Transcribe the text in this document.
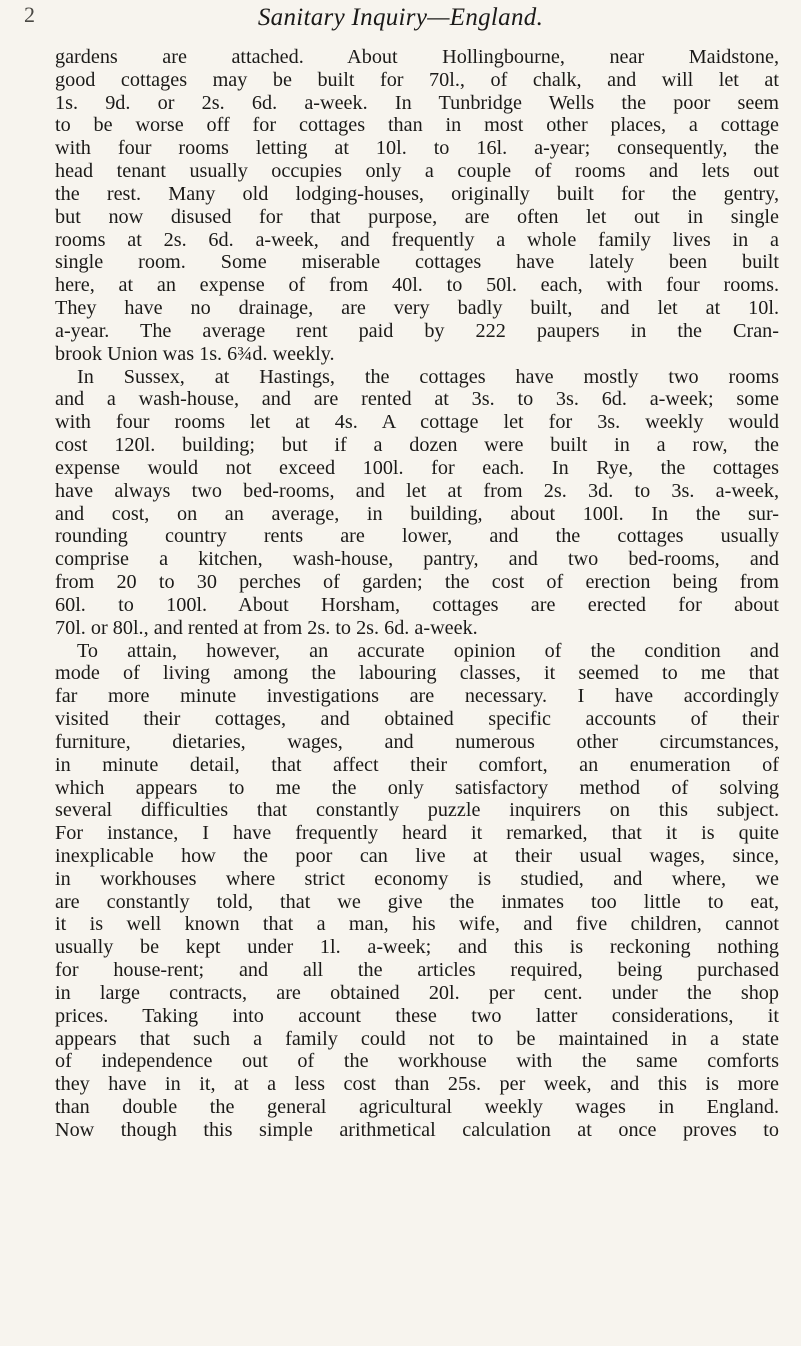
2	Sanitary Inquiry—England.
gardens are attached. About Hollingbourne, near Maidstone,
good cottages may be built for 70l., of chalk, and will let at
1s. 9d. or 2s. 6d. a-week. In Tunbridge Wells the poor seem
to be worse off for cottages than in most other places, a cottage
with four rooms letting at 10l. to 16l. a-year; consequently, the
head tenant usually occupies only a couple of rooms and lets out
the rest. Many old lodging-houses, originally built for the gentry,
but now disused for that purpose, are often let out in single
rooms at 2s. 6d. a-week, and frequently a whole family lives in a
single room. Some miserable cottages have lately been built
here, at an expense of from 40l. to 50l. each, with four rooms.
They have no drainage, are very badly built, and let at 10l.
a-year. The average rent paid by 222 paupers in the Cran-
brook Union was 1s. 6¾d. weekly.
In Sussex, at Hastings, the cottages have mostly two rooms
and a wash-house, and are rented at 3s. to 3s. 6d. a-week; some
with four rooms let at 4s. A cottage let for 3s. weekly would
cost 120l. building; but if a dozen were built in a row, the
expense would not exceed 100l. for each. In Rye, the cottages
have always two bed-rooms, and let at from 2s. 3d. to 3s. a-week,
and cost, on an average, in building, about 100l. In the sur-
rounding country rents are lower, and the cottages usually
comprise a kitchen, wash-house, pantry, and two bed-rooms, and
from 20 to 30 perches of garden; the cost of erection being from
60l. to 100l. About Horsham, cottages are erected for about
70l. or 80l., and rented at from 2s. to 2s. 6d. a-week.
To attain, however, an accurate opinion of the condition and
mode of living among the labouring classes, it seemed to me that
far more minute investigations are necessary. I have accordingly
visited their cottages, and obtained specific accounts of their
furniture, dietaries, wages, and numerous other circumstances,
in minute detail, that affect their comfort, an enumeration of
which appears to me the only satisfactory method of solving
several difficulties that constantly puzzle inquirers on this subject.
For instance, I have frequently heard it remarked, that it is quite
inexplicable how the poor can live at their usual wages, since,
in workhouses where strict economy is studied, and where, we
are constantly told, that we give the inmates too little to eat,
it is well known that a man, his wife, and five children, cannot
usually be kept under 1l. a-week; and this is reckoning nothing
for house-rent; and all the articles required, being purchased
in large contracts, are obtained 20l. per cent. under the shop
prices. Taking into account these two latter considerations, it
appears that such a family could not to be maintained in a state
of independence out of the workhouse with the same comforts
they have in it, at a less cost than 25s. per week, and this is more
than double the general agricultural weekly wages in England.
Now though this simple arithmetical calculation at once proves to
